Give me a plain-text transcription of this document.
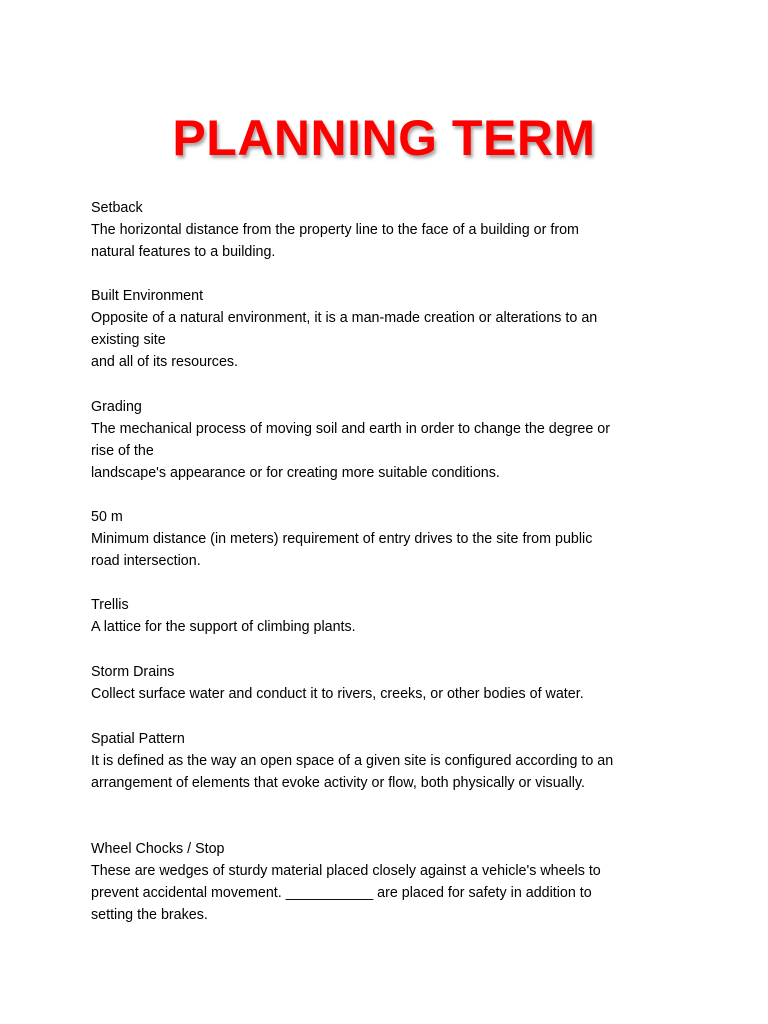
PLANNING TERM
Setback
The horizontal distance from the property line to the face of a building or from
natural features to a building.
Built Environment
Opposite of a natural environment, it is a man-made creation or alterations to an
existing site
and all of its resources.
Grading
The mechanical process of moving soil and earth in order to change the degree or
rise of the
landscape's appearance or for creating more suitable conditions.
50 m
Minimum distance (in meters) requirement of entry drives to the site from public
road intersection.
Trellis
A lattice for the support of climbing plants.
Storm Drains
Collect surface water and conduct it to rivers, creeks, or other bodies of water.
Spatial Pattern
It is defined as the way an open space of a given site is configured according to an
arrangement of elements that evoke activity or flow, both physically or visually.
Wheel Chocks / Stop
These are wedges of sturdy material placed closely against a vehicle's wheels to
prevent accidental movement. ___________ are placed for safety in addition to
setting the brakes.
